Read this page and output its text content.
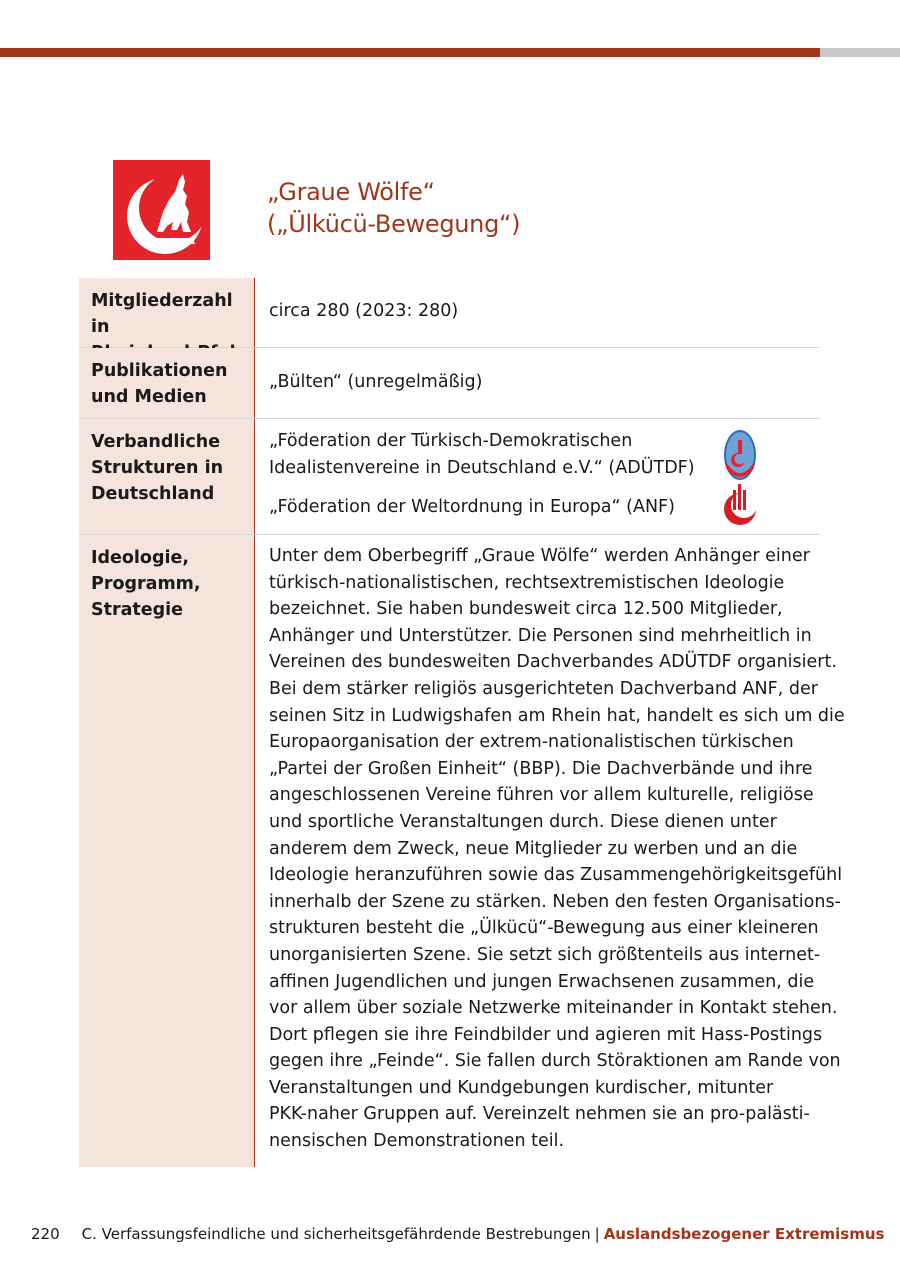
„Graue Wölfe“
(„Ülkücü-Bewegung“)
Mitgliederzahl in
circa 280 (2023: 280)
Publikationen
und Medien
„Bülten“ (unregelmäßig)
Verbandliche
Strukturen in
Deutschland
„Föderation der Türkisch-Demokratischen
Idealistenvereine in Deutschland e.V.“ (ADÜTDF)
„Föderation der Weltordnung in Europa“ (ANF)
Ideologie,
Programm,
Strategie
Unter dem Oberbegriff „Graue Wölfe“ werden Anhänger einer
türkisch-nationalistischen, rechtsextremistischen Ideologie
bezeichnet. Sie haben bundesweit circa 12.500 Mitglieder,
Anhänger und Unterstützer. Die Personen sind mehrheitlich in
Vereinen des bundesweiten Dachverbandes ADÜTDF organisiert.
Bei dem stärker religiös ausgerichteten Dachverband ANF, der
seinen Sitz in Ludwigshafen am Rhein hat, handelt es sich um die
Europaorganisation der extrem-nationalistischen türkischen
„Partei der Großen Einheit“ (BBP). Die Dachverbände und ihre
angeschlossenen Vereine führen vor allem kulturelle, religiöse
und sportliche Veranstaltungen durch. Diese dienen unter
anderem dem Zweck, neue Mitglieder zu werben und an die
Ideologie heranzuführen sowie das Zusammengehörigkeitsgefühl
innerhalb der Szene zu stärken. Neben den festen Organisations-
strukturen besteht die „Ülkücü“-Bewegung aus einer kleineren
unorganisierten Szene. Sie setzt sich größtenteils aus internet-
affinen Jugendlichen und jungen Erwachsenen zusammen, die
vor allem über soziale Netzwerke miteinander in Kontakt stehen.
Dort pflegen sie ihre Feindbilder und agieren mit Hass-Postings
gegen ihre „Feinde“. Sie fallen durch Störaktionen am Rande von
Veranstaltungen und Kundgebungen kurdischer, mitunter
PKK-naher Gruppen auf. Vereinzelt nehmen sie an pro-palästi-
nensischen Demonstrationen teil.
220 C. Verfassungsfeindliche und sicherheitsgefährdende Bestrebungen | Auslandsbezogener Extremismus
